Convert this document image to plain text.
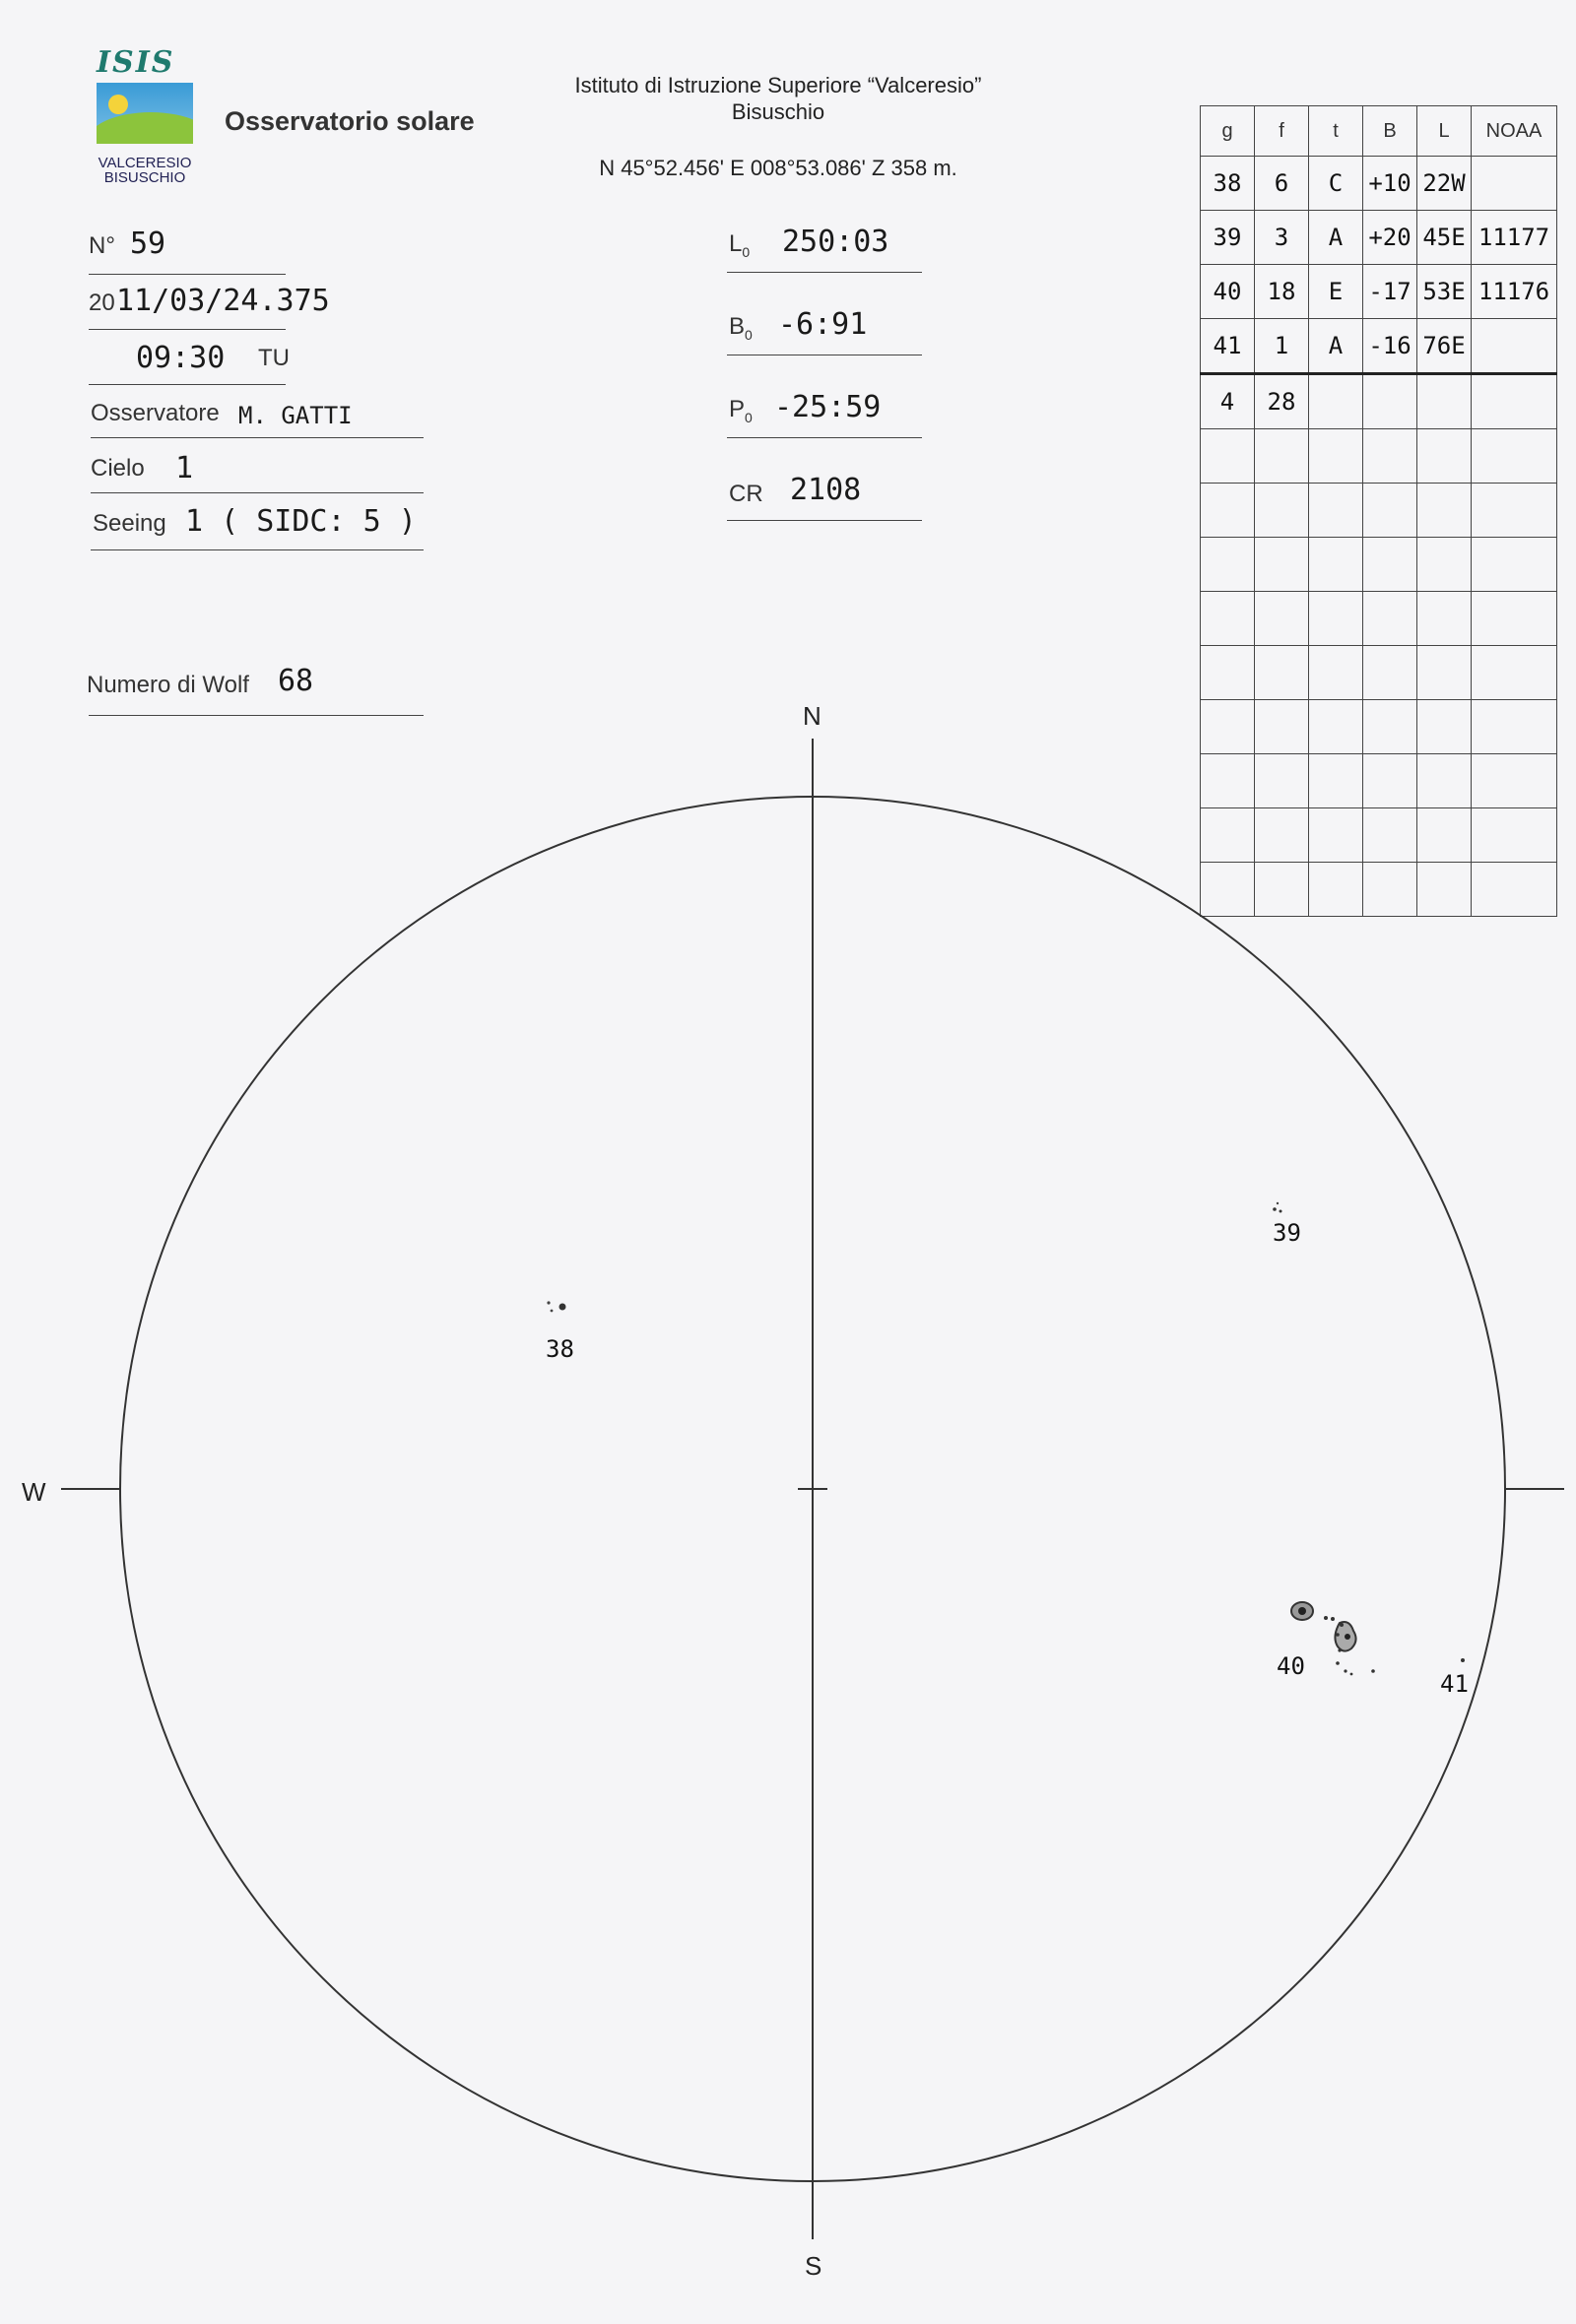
ISIS
VALCERESIO
BISUSCHIO
Osservatorio solare
Istituto di Istruzione Superiore “Valceresio”
Bisuschio
N 45°52.456' E 008°53.086' Z 358 m.
N° 59
20 11/03/24.375
09:30 TU
Osservatore M. GATTI
Cielo 1
Seeing 1 ( SIDC: 5 )
Numero di Wolf 68
$L_0$ 250:03
$B_0$ -6:91
$P_0$ -25:59
CR 2108
g	f	t	B	L	NOAA
38	6	C	+10	22W	
39	3	A	+20	45E	11177
40	18	E	-17	53E	11176
41	1	A	-16	76E	
4	28				

N
S
W
38
39
40
41
